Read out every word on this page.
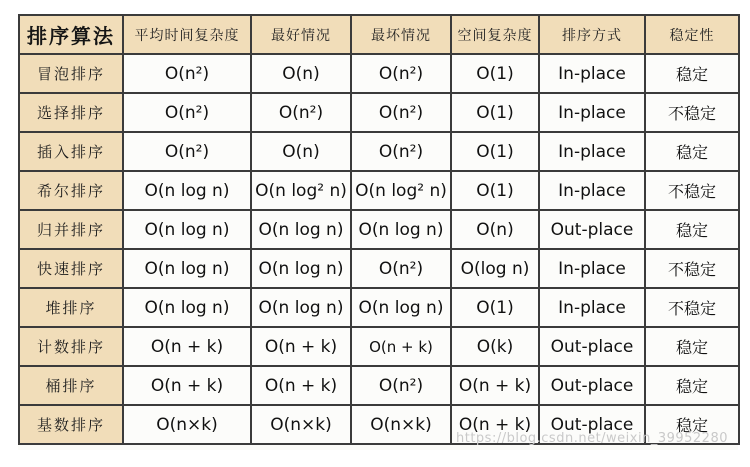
排序算法	平均时间复杂度	最好情况	最坏情况	空间复杂度	排序方式	稳定性
冒泡排序	O(n²)	O(n)	O(n²)	O(1)	In-place	稳定
选择排序	O(n²)	O(n²)	O(n²)	O(1)	In-place	不稳定
插入排序	O(n²)	O(n)	O(n²)	O(1)	In-place	稳定
希尔排序	O(n log n)	O(n log² n)	O(n log² n)	O(1)	In-place	不稳定
归并排序	O(n log n)	O(n log n)	O(n log n)	O(n)	Out-place	稳定
快速排序	O(n log n)	O(n log n)	O(n²)	O(log n)	In-place	不稳定
堆排序	O(n log n)	O(n log n)	O(n log n)	O(1)	In-place	不稳定
计数排序	O(n + k)	O(n + k)	O(n + k)	O(k)	Out-place	稳定
桶排序	O(n + k)	O(n + k)	O(n²)	O(n + k)	Out-place	稳定
基数排序	O(n×k)	O(n×k)	O(n×k)	O(n + k)	Out-place	稳定
https://blog.csdn.net/weixin_39952280
